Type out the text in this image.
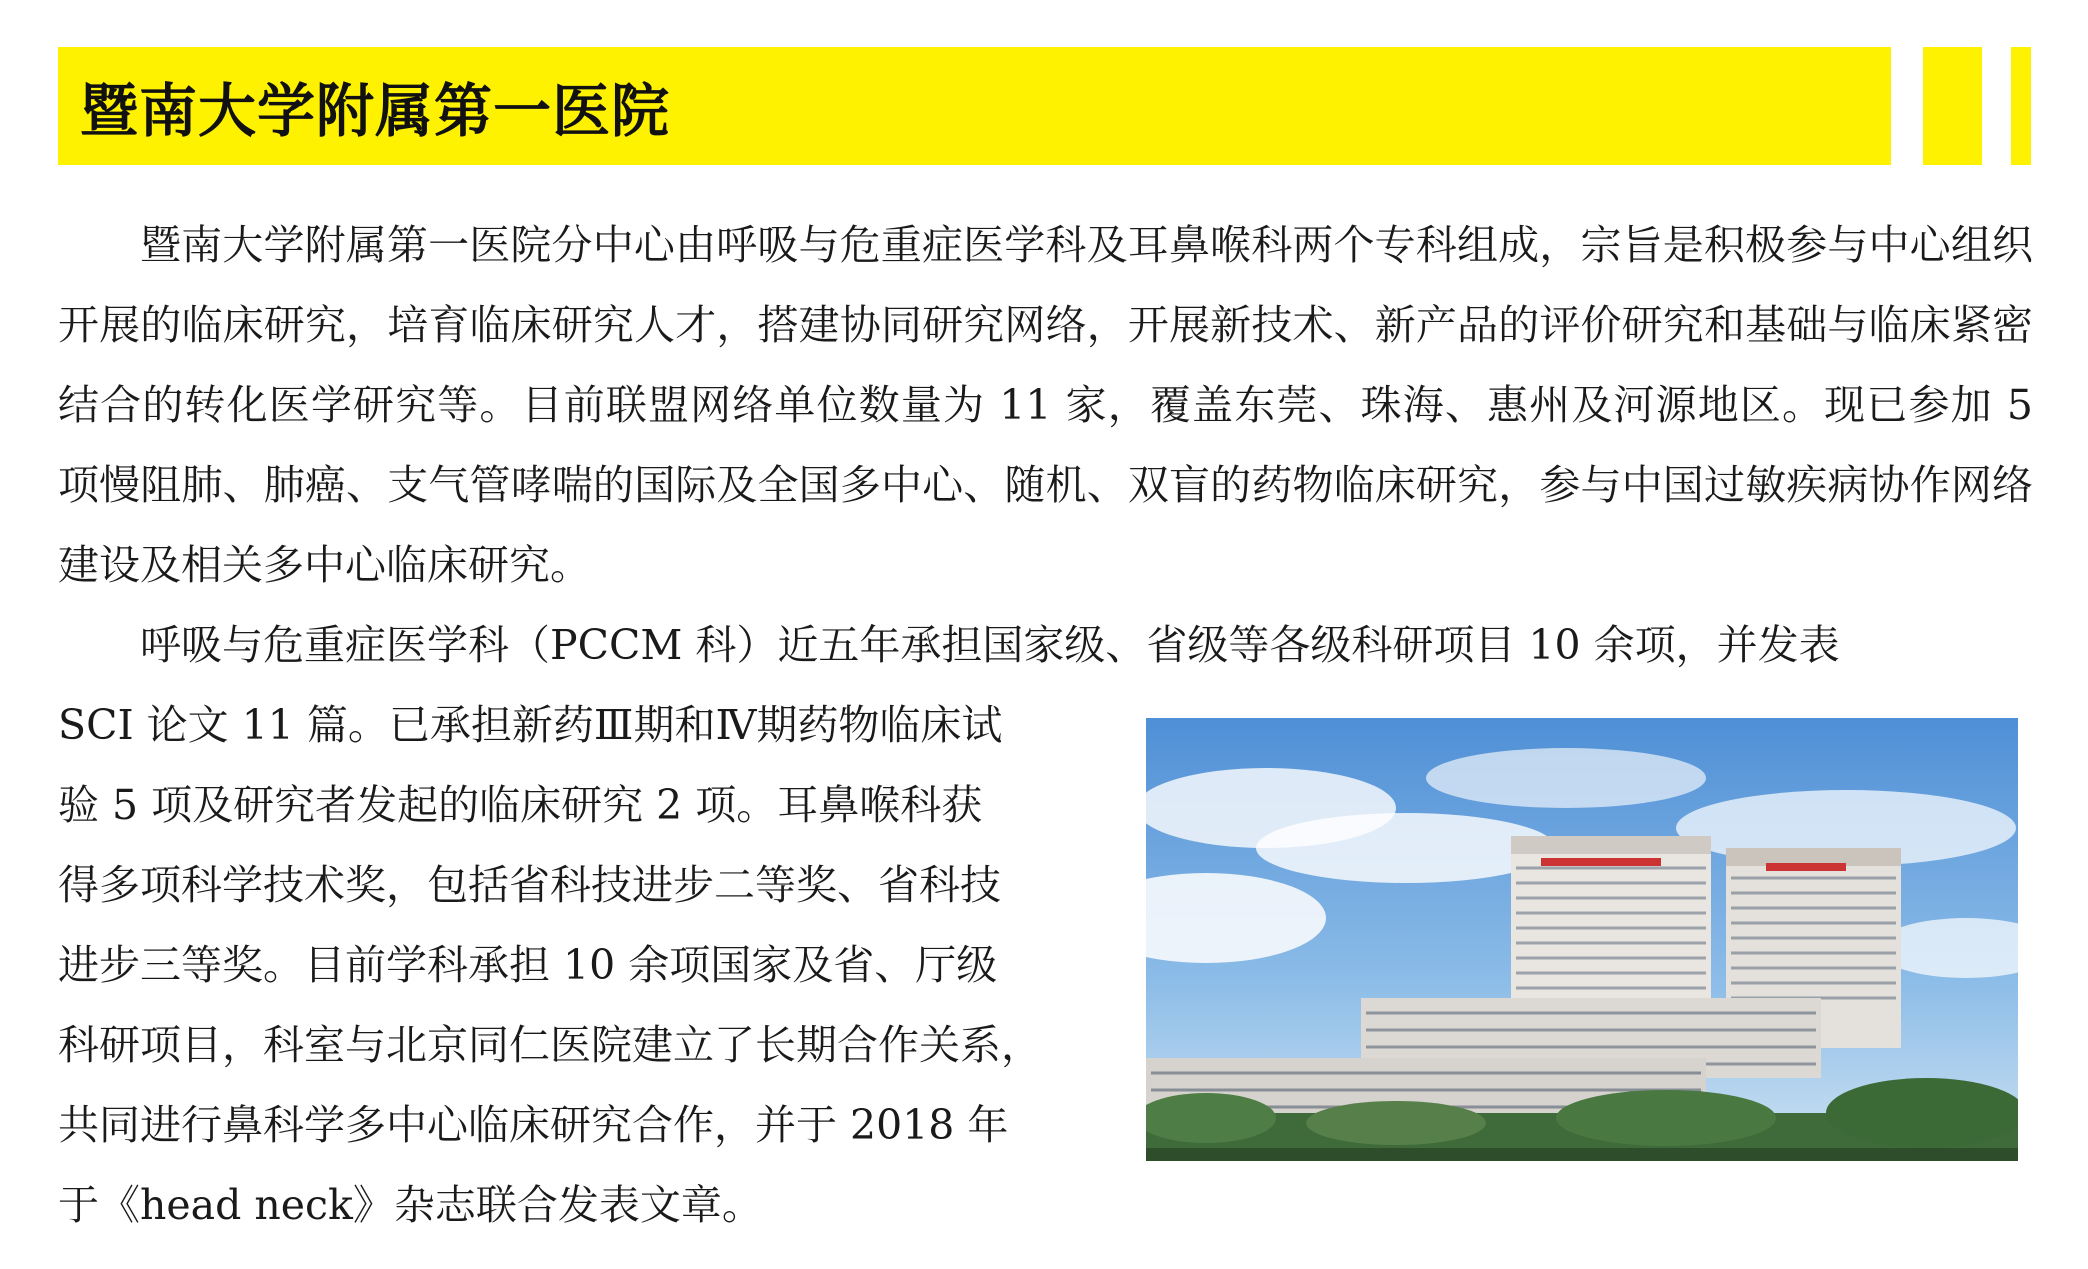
暨南大学附属第一医院

暨南大学附属第一医院分中心由呼吸与危重症医学科及耳鼻喉科两个专科组成，宗旨是积极参与中心组织开展的临床研究，培育临床研究人才，搭建协同研究网络，开展新技术、新产品的评价研究和基础与临床紧密结合的转化医学研究等。目前联盟网络单位数量为 11 家，覆盖东莞、珠海、惠州及河源地区。现已参加 5 项慢阻肺、肺癌、支气管哮喘的国际及全国多中心、随机、双盲的药物临床研究，参与中国过敏疾病协作网络建设及相关多中心临床研究。

呼吸与危重症医学科（PCCM 科）近五年承担国家级、省级等各级科研项目 10 余项，并发表

SCI 论文 11 篇。已承担新药Ⅲ期和Ⅳ期药物临床试
验 5 项及研究者发起的临床研究 2 项。耳鼻喉科获
得多项科学技术奖，包括省科技进步二等奖、省科技
进步三等奖。目前学科承担 10 余项国家及省、厅级
科研项目，科室与北京同仁医院建立了长期合作关系，
共同进行鼻科学多中心临床研究合作，并于 2018 年
于《head neck》杂志联合发表文章。
